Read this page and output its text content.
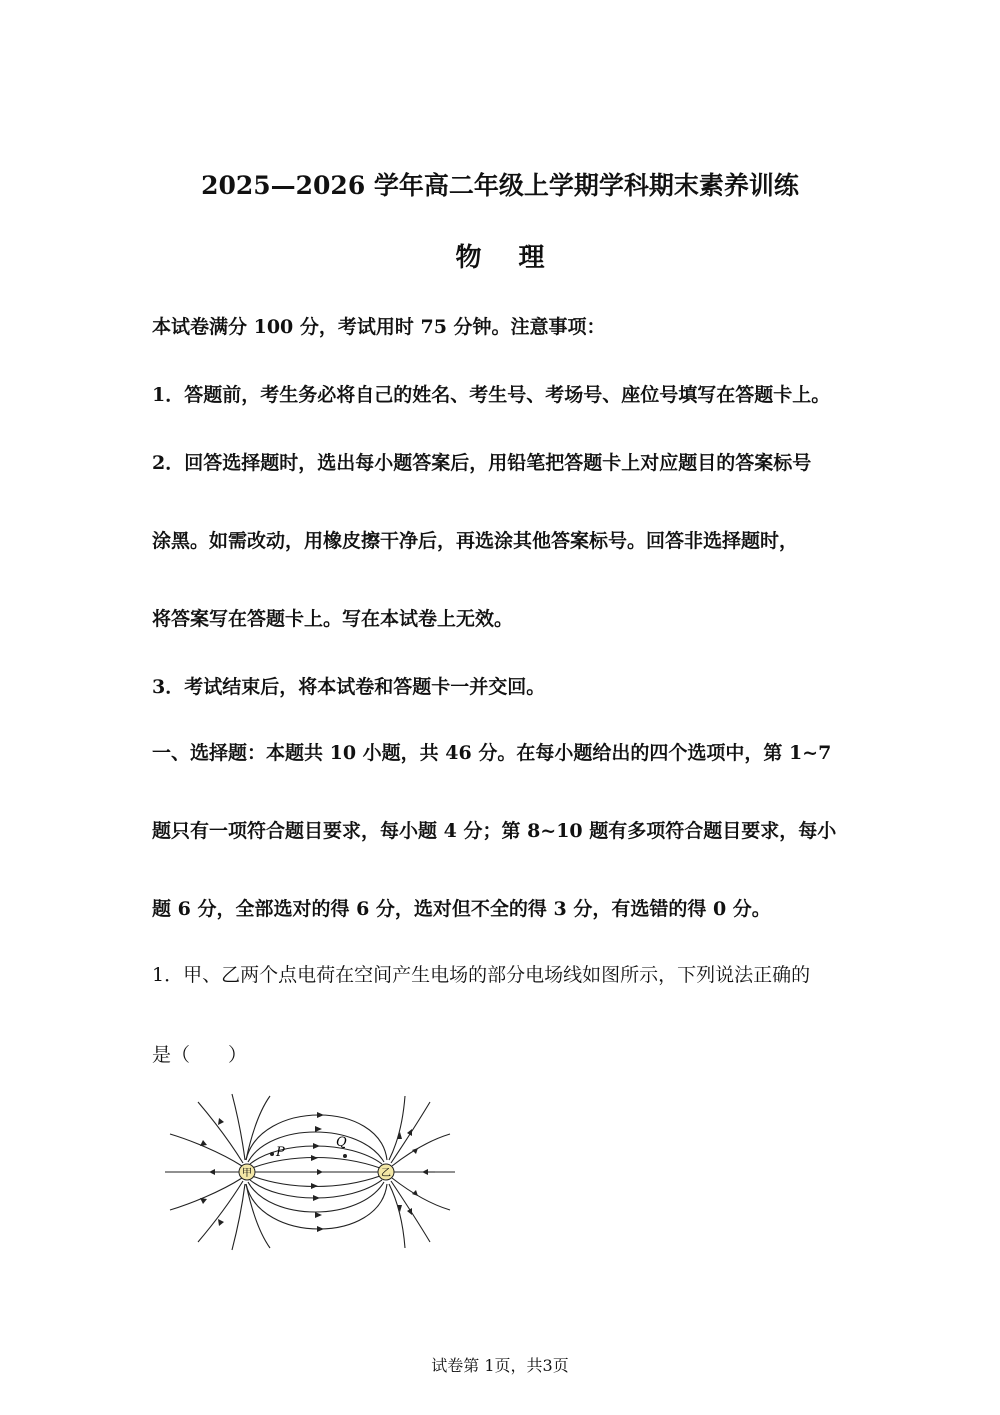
2025—2026 学年高二年级上学期学科期末素养训练
物 理
本试卷满分 100 分，考试用时 75 分钟。注意事项：
1．答题前，考生务必将自己的姓名、考生号、考场号、座位号填写在答题卡上。
2．回答选择题时，选出每小题答案后，用铅笔把答题卡上对应题目的答案标号
涂黑。如需改动，用橡皮擦干净后，再选涂其他答案标号。回答非选择题时，
将答案写在答题卡上。写在本试卷上无效。
3．考试结束后，将本试卷和答题卡一并交回。
一、选择题：本题共 10 小题，共 46 分。在每小题给出的四个选项中，第 1~7
题只有一项符合题目要求，每小题 4 分；第 8~10 题有多项符合题目要求，每小
题 6 分，全部选对的得 6 分，选对但不全的得 3 分，有选错的得 0 分。
1．甲、乙两个点电荷在空间产生电场的部分电场线如图所示，下列说法正确的
是（　　）
甲	乙
P
Q
试卷第 1页，共3页
